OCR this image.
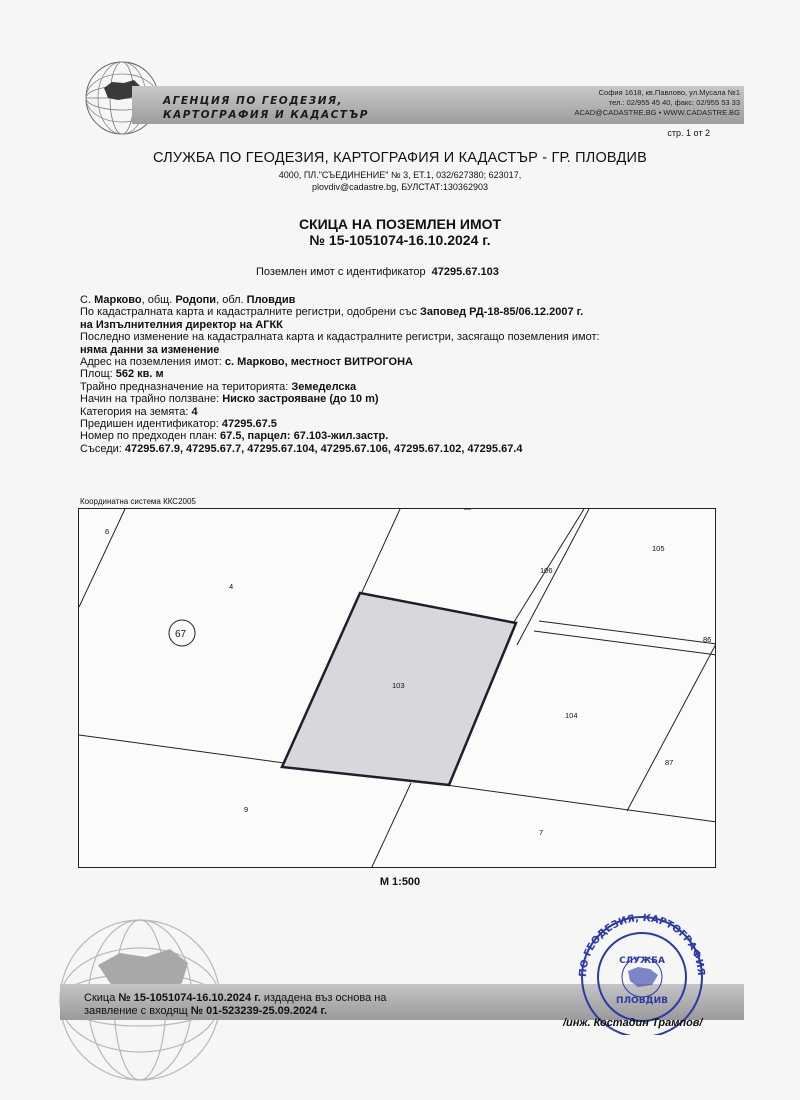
АГЕНЦИЯ ПО ГЕОДЕЗИЯ,
КАРТОГРАФИЯ И КАДАСТЪР
София 1618, кв.Павлово, ул.Мусала №1
тел.: 02/955 45 40, факс: 02/955 53 33
ACAD@CADASTRE.BG • WWW.CADASTRE.BG
стр. 1 от 2
СЛУЖБА ПО ГЕОДЕЗИЯ, КАРТОГРАФИЯ И КАДАСТЪР - ГР. ПЛОВДИВ
4000, ПЛ."СЪЕДИНЕНИЕ" № 3, ЕТ.1, 032/627380; 623017,
plovdiv@cadastre.bg, БУЛСТАТ:130362903
СКИЦА НА ПОЗЕМЛЕН ИМОТ
№ 15-1051074-16.10.2024 г.
Поземлен имот с идентификатор 47295.67.103
С. Марково, общ. Родопи, обл. Пловдив
По кадастралната карта и кадастралните регистри, одобрени със Заповед РД-18-85/06.12.2007 г.
на Изпълнителния директор на АГКК
Последно изменение на кадастралната карта и кадастралните регистри, засягащо поземления имот:
няма данни за изменение
Адрес на поземления имот: с. Марково, местност ВИТРОГОНА
Площ: 562 кв. м
Трайно предназначение на територията: Земеделска
Начин на трайно ползване: Ниско застрояване (до 10 m)
Категория на земята: 4
Предишен идентификатор: 47295.67.5
Номер по предходен план: 67.5, парцел: 67.103-жил.застр.
Съседи: 47295.67.9, 47295.67.7, 47295.67.104, 47295.67.106, 47295.67.102, 47295.67.4
Координатна система ККС2005
6
4
105
106
86
103
104
87
9
7
67
М 1:500
Скица № 15-1051074-16.10.2024 г. издадена въз основа на
заявление с входящ № 01-523239-25.09.2024 г.
ПО ГЕОДЕЗИЯ, КАРТОГРАФИЯ
СЛУЖБА
ПЛОВДИВ
/инж. Костадин Трампов/
